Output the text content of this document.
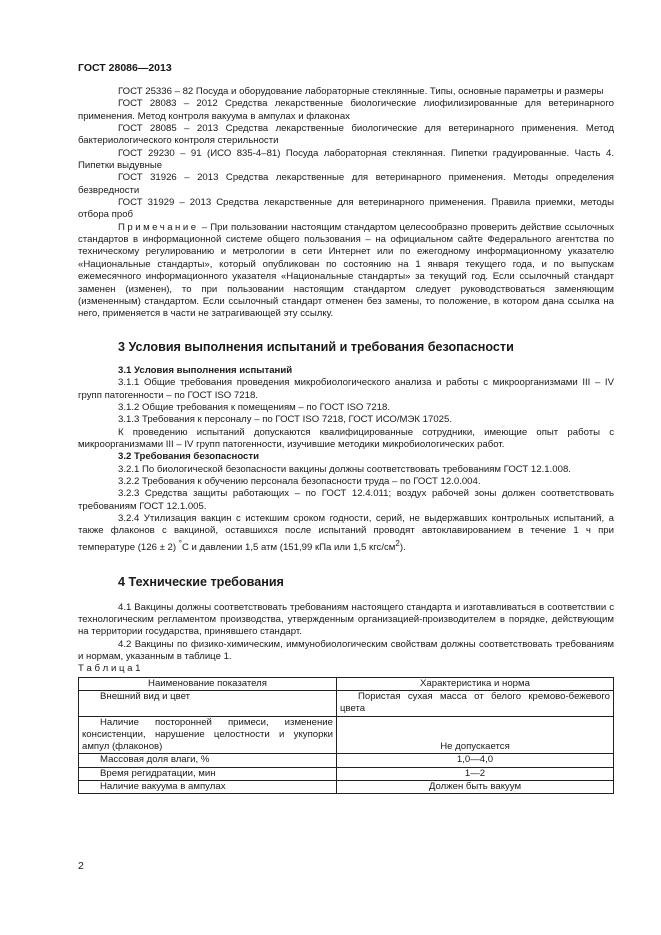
ГОСТ 28086—2013

ГОСТ 25336 – 82 Посуда и оборудование лабораторные стеклянные. Типы, основные параметры и размеры

ГОСТ 28083 – 2012 Средства лекарственные биологические лиофилизированные для ветеринарного применения. Метод контроля вакуума в ампулах и флаконах

ГОСТ 28085 – 2013 Средства лекарственные биологические для ветеринарного применения. Метод бактериологического контроля стерильности

ГОСТ 29230 – 91 (ИСО 835-4–81) Посуда лабораторная стеклянная. Пипетки градуированные. Часть 4. Пипетки выдувные

ГОСТ 31926 – 2013 Средства лекарственные для ветеринарного применения. Методы определения безвредности

ГОСТ 31929 – 2013 Средства лекарственные для ветеринарного применения. Правила приемки, методы отбора проб

Примечание – При пользовании настоящим стандартом целесообразно проверить действие ссылочных стандартов в информационной системе общего пользования – на официальном сайте Федерального агентства по техническому регулированию и метрологии в сети Интернет или по ежегодному информационному указателю «Национальные стандарты», который опубликован по состоянию на 1 января текущего года, и по выпускам ежемесячного информационного указателя «Национальные стандарты» за текущий год. Если ссылочный стандарт заменен (изменен), то при пользовании настоящим стандартом следует руководствоваться заменяющим (измененным) стандартом. Если ссылочный стандарт отменен без замены, то положение, в котором дана ссылка на него, применяется в части не затрагивающей эту ссылку.

3 Условия выполнения испытаний и требования безопасности

3.1 Условия выполнения испытаний

3.1.1 Общие требования проведения микробиологического анализа и работы с микроорганизмами III – IV групп патогенности – по ГОСТ ISO 7218.

3.1.2 Общие требования к помещениям – по ГОСТ ISO 7218.

3.1.3 Требования к персоналу – по ГОСТ ISO 7218, ГОСТ ИСО/МЭК 17025.

К проведению испытаний допускаются квалифицированные сотрудники, имеющие опыт работы с микроорганизмами III – IV групп патогенности, изучившие методики микробиологических работ.

3.2 Требования безопасности

3.2.1 По биологической безопасности вакцины должны соответствовать требованиям ГОСТ 12.1.008.

3.2.2 Требования к обучению персонала безопасности труда – по ГОСТ 12.0.004.

3.2.3 Средства защиты работающих – по ГОСТ 12.4.011; воздух рабочей зоны должен соответствовать требованиям ГОСТ 12.1.005.

3.2.4 Утилизация вакцин с истекшим сроком годности, серий, не выдержавших контрольных испытаний, а также флаконов с вакциной, оставшихся после испытаний проводят автоклавированием в течение 1 ч при температуре (126 ± 2) °С и давлении 1,5 атм (151,99 кПа или 1,5 кгс/$см^2$).

4 Технические требования

4.1 Вакцины должны соответствовать требованиям настоящего стандарта и изготавливаться в соответствии с технологическим регламентом производства, утвержденным организацией-производителем в порядке, действующим на территории государства, принявшего стандарт.

4.2 Вакцины по физико-химическим, иммунобиологическим свойствам должны соответствовать требованиям и нормам, указанным в таблице 1.

Т а б л и ц а 1

Наименование показателя	Характеристика и норма
Внешний вид и цвет	Пористая сухая масса от белого кремово-бежевого цвета
Наличие посторонней примеси, изменение консистенции, нарушение целостности и укупорки ампул (флаконов)	Не допускается
Массовая доля влаги, %	1,0—4,0
Время регидратации, мин	1—2
Наличие вакуума в ампулах	Должен быть вакуум
2
